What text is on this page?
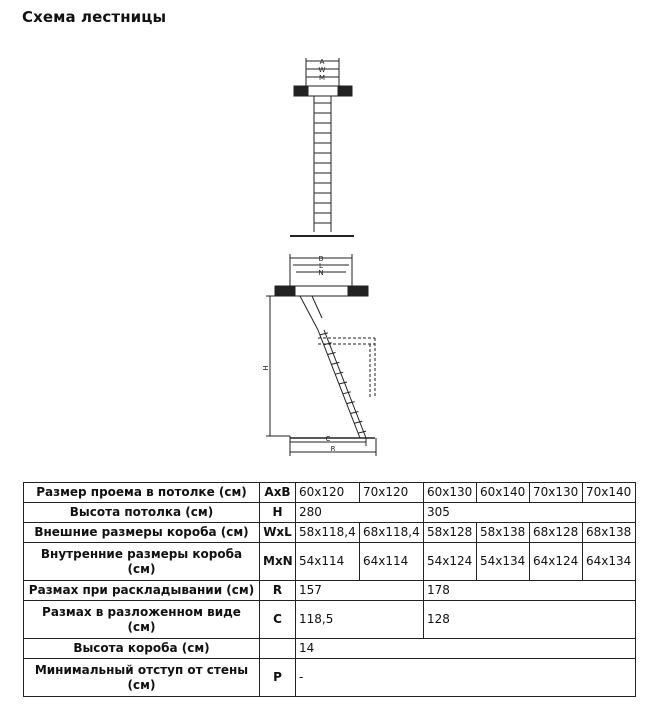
Схема лестницы
A
W
M
B
L
N
H
C
R
Размер проема в потолке (см)	AxB	60x120	70x120	60x130	60x140	70x130	70x140
Высота потолка (см)	H	280		305			
Внешние размеры короба (см)	WxL	58x118,4	68x118,4	58x128	58x138	68x128	68x138
Внутренние размеры короба (см)	MxN	54x114	64x114	54x124	54x134	64x124	64x134
Размах при раскладывании (см)	R	157		178			
Размах в разложенном виде (см)	C	118,5		128			
Высота короба (см)		14					
Минимальный отступ от стены (см)	P	-					
